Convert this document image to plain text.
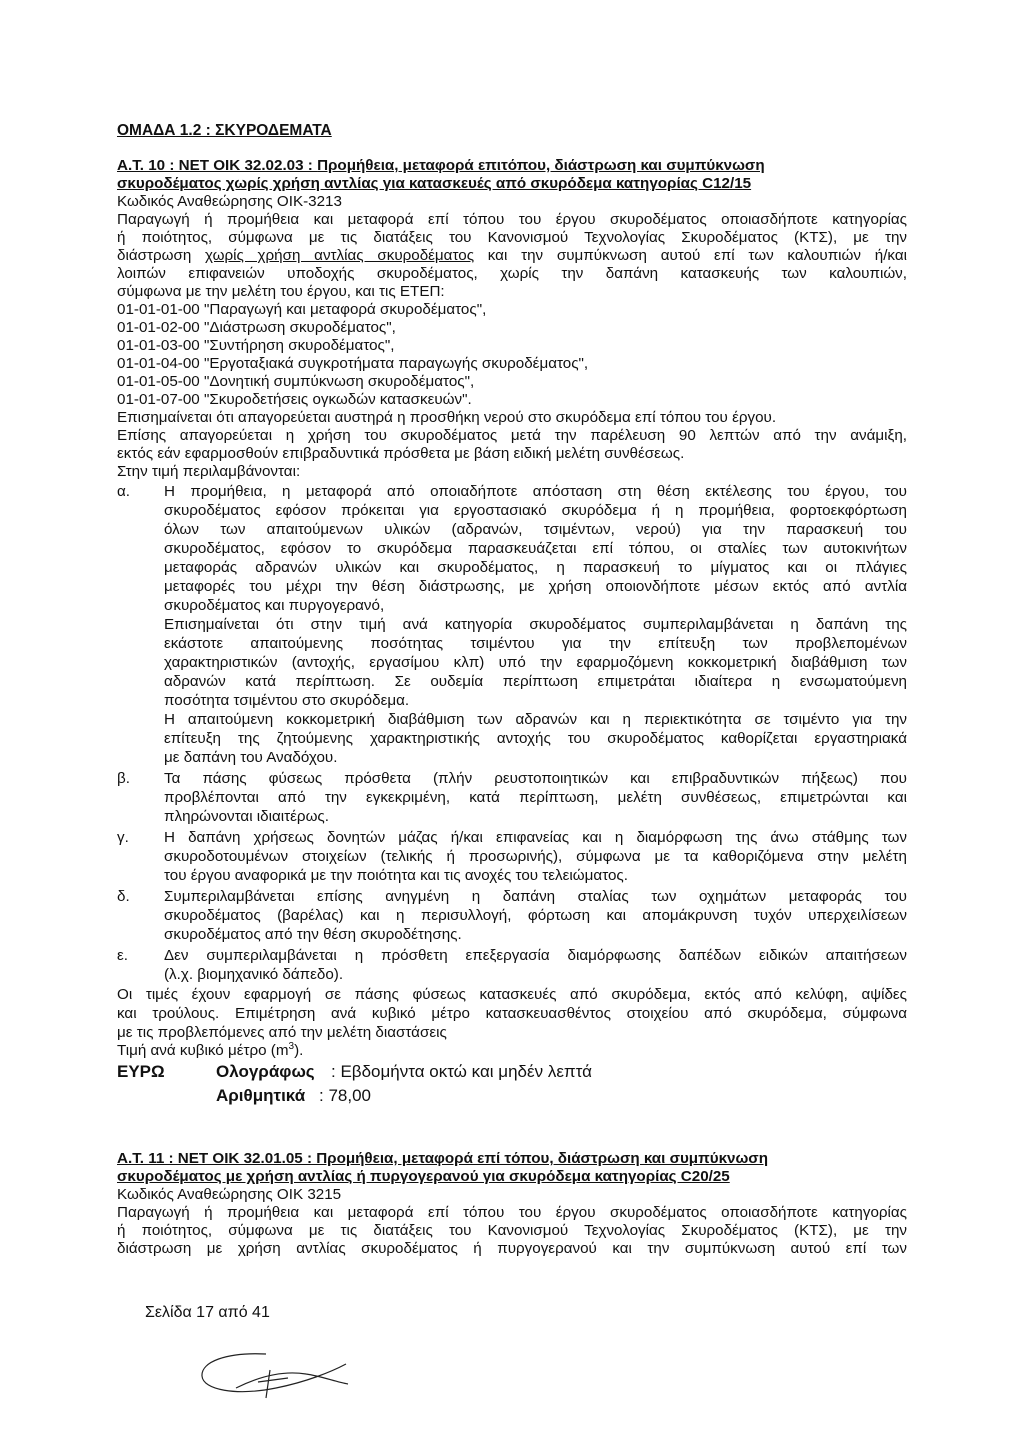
ΟΜΑΔΑ 1.2 : ΣΚΥΡΟΔΕΜΑΤΑ
Α.Τ. 10 : ΝΕΤ ΟΙΚ 32.02.03 : Προμήθεια, μεταφορά επιτόπου, διάστρωση και συμπύκνωση
σκυροδέματος χωρίς χρήση αντλίας για κατασκευές από σκυρόδεμα κατηγορίας C12/15
Κωδικός Αναθεώρησης ΟΙΚ-3213
Παραγωγή ή προμήθεια και μεταφορά επί τόπου του έργου σκυροδέματος οποιασδήποτε κατηγορίας
ή ποιότητος, σύμφωνα με τις διατάξεις του Κανονισμού Τεχνολογίας Σκυροδέματος (ΚΤΣ), με την
διάστρωση χωρίς χρήση αντλίας σκυροδέματος και την συμπύκνωση αυτού επί των καλουπιών ή/και
λοιπών επιφανειών υποδοχής σκυροδέματος, χωρίς την δαπάνη κατασκευής των καλουπιών,
σύμφωνα με την μελέτη του έργου, και τις ΕΤΕΠ:
01-01-01-00 "Παραγωγή και μεταφορά σκυροδέματος",
01-01-02-00 "Διάστρωση σκυροδέματος",
01-01-03-00 "Συντήρηση σκυροδέματος",
01-01-04-00 "Εργοταξιακά συγκροτήματα παραγωγής σκυροδέματος",
01-01-05-00 "Δονητική συμπύκνωση σκυροδέματος",
01-01-07-00 "Σκυροδετήσεις ογκωδών κατασκευών".
Επισημαίνεται ότι απαγορεύεται αυστηρά η προσθήκη νερού στο σκυρόδεμα επί τόπου του έργου.
Επίσης απαγορεύεται η χρήση του σκυροδέματος μετά την παρέλευση 90 λεπτών από την ανάμιξη,
εκτός εάν εφαρμοσθούν επιβραδυντικά πρόσθετα με βάση ειδική μελέτη συνθέσεως.
Στην τιμή περιλαμβάνονται:
α. Η προμήθεια, η μεταφορά από οποιαδήποτε απόσταση στη θέση εκτέλεσης του έργου, του
σκυροδέματος εφόσον πρόκειται για εργοστασιακό σκυρόδεμα ή η προμήθεια, φορτοεκφόρτωση
όλων των απαιτούμενων υλικών (αδρανών, τσιμέντων, νερού) για την παρασκευή του
σκυροδέματος, εφόσον το σκυρόδεμα παρασκευάζεται επί τόπου, οι σταλίες των αυτοκινήτων
μεταφοράς αδρανών υλικών και σκυροδέματος, η παρασκευή το μίγματος και οι πλάγιες
μεταφορές του μέχρι την θέση διάστρωσης, με χρήση οποιονδήποτε μέσων εκτός από αντλία
σκυροδέματος και πυργογερανό,
Επισημαίνεται ότι στην τιμή ανά κατηγορία σκυροδέματος συμπεριλαμβάνεται η δαπάνη της
εκάστοτε απαιτούμενης ποσότητας τσιμέντου για την επίτευξη των προβλεπομένων
χαρακτηριστικών (αντοχής, εργασίμου κλπ) υπό την εφαρμοζόμενη κοκκομετρική διαβάθμιση των
αδρανών κατά περίπτωση. Σε ουδεμία περίπτωση επιμετράται ιδιαίτερα η ενσωματούμενη
ποσότητα τσιμέντου στο σκυρόδεμα.
Η απαιτούμενη κοκκομετρική διαβάθμιση των αδρανών και η περιεκτικότητα σε τσιμέντο για την
επίτευξη της ζητούμενης χαρακτηριστικής αντοχής του σκυροδέματος καθορίζεται εργαστηριακά
με δαπάνη του Αναδόχου.
β. Τα πάσης φύσεως πρόσθετα (πλήν ρευστοποιητικών και επιβραδυντικών πήξεως) που
προβλέπονται από την εγκεκριμένη, κατά περίπτωση, μελέτη συνθέσεως, επιμετρώνται και
πληρώνονται ιδιαιτέρως.
γ. Η δαπάνη χρήσεως δονητών μάζας ή/και επιφανείας και η διαμόρφωση της άνω στάθμης των
σκυροδοτουμένων στοιχείων (τελικής ή προσωρινής), σύμφωνα με τα καθοριζόμενα στην μελέτη
του έργου αναφορικά με την ποιότητα και τις ανοχές του τελειώματος.
δ. Συμπεριλαμβάνεται επίσης ανηγμένη η δαπάνη σταλίας των οχημάτων μεταφοράς του
σκυροδέματος (βαρέλας) και η περισυλλογή, φόρτωση και απομάκρυνση τυχόν υπερχειλίσεων
σκυροδέματος από την θέση σκυροδέτησης.
ε. Δεν συμπεριλαμβάνεται η πρόσθετη επεξεργασία διαμόρφωσης δαπέδων ειδικών απαιτήσεων
(λ.χ. βιομηχανικό δάπεδο).
Οι τιμές έχουν εφαρμογή σε πάσης φύσεως κατασκευές από σκυρόδεμα, εκτός από κελύφη, αψίδες
και τρούλους. Επιμέτρηση ανά κυβικό μέτρο κατασκευασθέντος στοιχείου από σκυρόδεμα, σύμφωνα
με τις προβλεπόμενες από την μελέτη διαστάσεις
Τιμή ανά κυβικό μέτρο $(m^3)$.
ΕΥΡΩ	Ολογράφως : Εβδομήντα οκτώ και μηδέν λεπτά
Αριθμητικά : 78,00
Α.Τ. 11 : ΝΕΤ ΟΙΚ 32.01.05 : Προμήθεια, μεταφορά επί τόπου, διάστρωση και συμπύκνωση
σκυροδέματος με χρήση αντλίας ή πυργογερανού για σκυρόδεμα κατηγορίας C20/25
Κωδικός Αναθεώρησης ΟΙΚ 3215
Παραγωγή ή προμήθεια και μεταφορά επί τόπου του έργου σκυροδέματος οποιασδήποτε κατηγορίας
ή ποιότητος, σύμφωνα με τις διατάξεις του Κανονισμού Τεχνολογίας Σκυροδέματος (ΚΤΣ), με την
διάστρωση με χρήση αντλίας σκυροδέματος ή πυργογερανού και την συμπύκνωση αυτού επί των
Σελίδα 17 από 41
